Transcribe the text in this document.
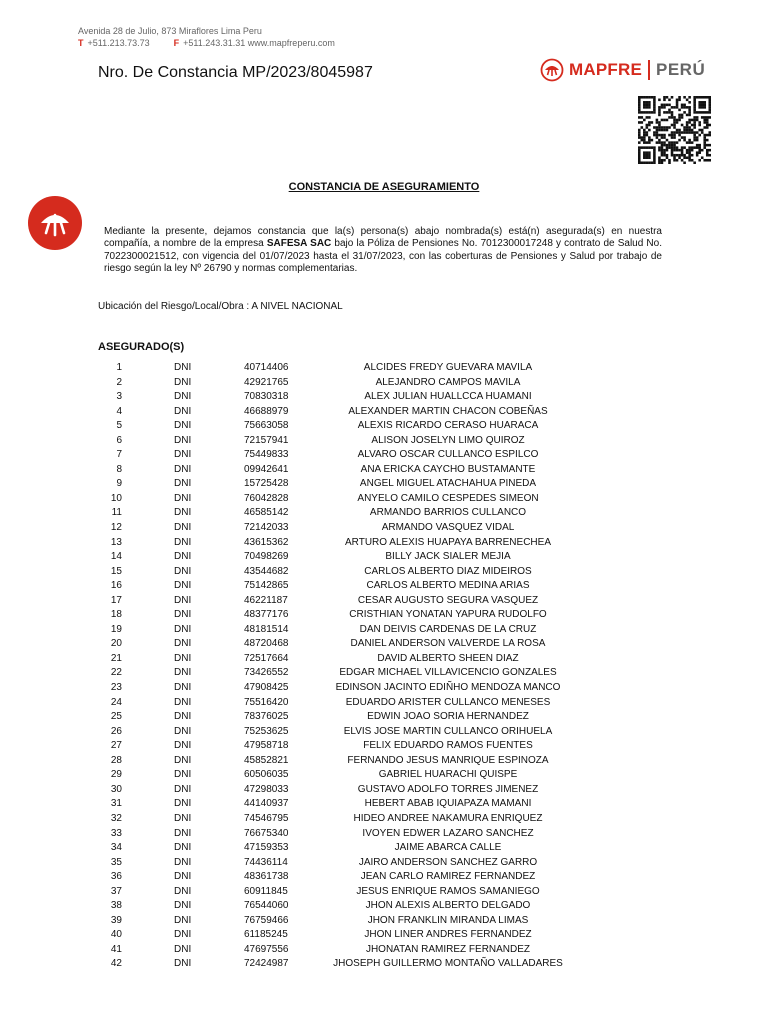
Avenida 28 de Julio, 873 Miraflores Lima Peru
T +511.213.73.73	F +511.243.31.31 www.mapfreperu.com
Nro. De Constancia MP/2023/8045987	MAPFRE PERÚ
CONSTANCIA DE ASEGURAMIENTO
Mediante la presente, dejamos constancia que la(s) persona(s) abajo nombrada(s) está(n) asegurada(s) en nuestra compañía, a nombre de la empresa SAFESA SAC bajo la Póliza de Pensiones No. 7012300017248 y contrato de Salud No. 7022300021512, con vigencia del 01/07/2023 hasta el 31/07/2023, con las coberturas de Pensiones y Salud por trabajo de riesgo según la ley Nº 26790 y normas complementarias.
Ubicación del Riesgo/Local/Obra : A NIVEL NACIONAL
ASEGURADO(S)
1	DNI	40714406	ALCIDES FREDY GUEVARA MAVILA
2	DNI	42921765	ALEJANDRO CAMPOS MAVILA
3	DNI	70830318	ALEX JULIAN HUALLCCA HUAMANI
4	DNI	46688979	ALEXANDER MARTIN CHACON COBEÑAS
5	DNI	75663058	ALEXIS RICARDO CERASO HUARACA
6	DNI	72157941	ALISON JOSELYN LIMO QUIROZ
7	DNI	75449833	ALVARO OSCAR CULLANCO ESPILCO
8	DNI	09942641	ANA ERICKA CAYCHO BUSTAMANTE
9	DNI	15725428	ANGEL MIGUEL ATACHAHUA PINEDA
10	DNI	76042828	ANYELO CAMILO CESPEDES SIMEON
11	DNI	46585142	ARMANDO BARRIOS CULLANCO
12	DNI	72142033	ARMANDO VASQUEZ VIDAL
13	DNI	43615362	ARTURO ALEXIS HUAPAYA BARRENECHEA
14	DNI	70498269	BILLY JACK SIALER MEJIA
15	DNI	43544682	CARLOS ALBERTO DIAZ MIDEIROS
16	DNI	75142865	CARLOS ALBERTO MEDINA ARIAS
17	DNI	46221187	CESAR AUGUSTO SEGURA VASQUEZ
18	DNI	48377176	CRISTHIAN YONATAN YAPURA RUDOLFO
19	DNI	48181514	DAN DEIVIS CARDENAS DE LA CRUZ
20	DNI	48720468	DANIEL ANDERSON VALVERDE LA ROSA
21	DNI	72517664	DAVID ALBERTO SHEEN DIAZ
22	DNI	73426552	EDGAR MICHAEL VILLAVICENCIO GONZALES
23	DNI	47908425	EDINSON JACINTO EDIÑHO MENDOZA MANCO
24	DNI	75516420	EDUARDO ARISTER CULLANCO MENESES
25	DNI	78376025	EDWIN JOAO SORIA HERNANDEZ
26	DNI	75253625	ELVIS JOSE MARTIN CULLANCO ORIHUELA
27	DNI	47958718	FELIX EDUARDO RAMOS FUENTES
28	DNI	45852821	FERNANDO JESUS MANRIQUE ESPINOZA
29	DNI	60506035	GABRIEL HUARACHI QUISPE
30	DNI	47298033	GUSTAVO ADOLFO TORRES JIMENEZ
31	DNI	44140937	HEBERT ABAB IQUIAPAZA MAMANI
32	DNI	74546795	HIDEO ANDREE NAKAMURA ENRIQUEZ
33	DNI	76675340	IVOYEN EDWER LAZARO SANCHEZ
34	DNI	47159353	JAIME ABARCA CALLE
35	DNI	74436114	JAIRO ANDERSON SANCHEZ GARRO
36	DNI	48361738	JEAN CARLO RAMIREZ FERNANDEZ
37	DNI	60911845	JESUS ENRIQUE RAMOS SAMANIEGO
38	DNI	76544060	JHON ALEXIS ALBERTO DELGADO
39	DNI	76759466	JHON FRANKLIN MIRANDA LIMAS
40	DNI	61185245	JHON LINER ANDRES FERNANDEZ
41	DNI	47697556	JHONATAN RAMIREZ FERNANDEZ
42	DNI	72424987	JHOSEPH GUILLERMO MONTAÑO VALLADARES
